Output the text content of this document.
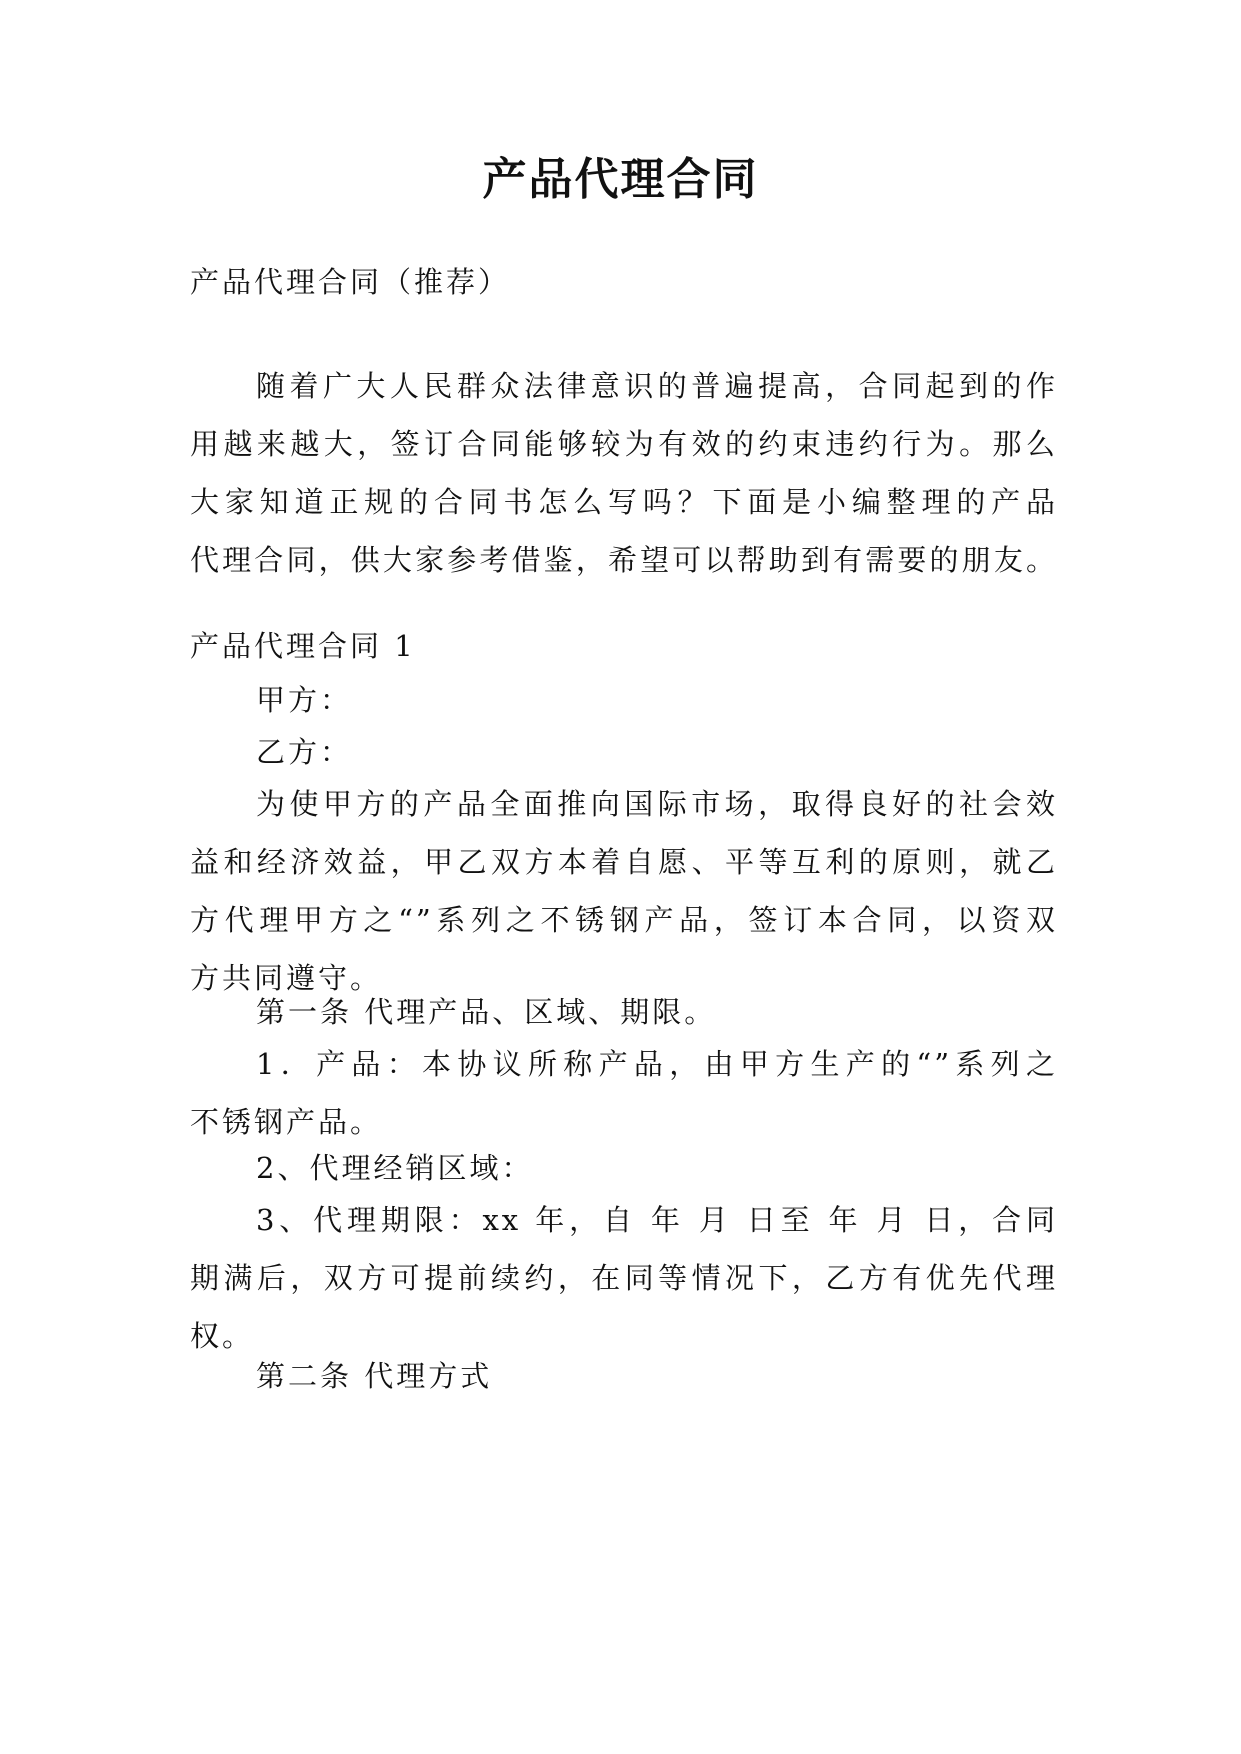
产品代理合同
产品代理合同（推荐）
随着广大人民群众法律意识的普遍提高，合同起到的作
用越来越大，签订合同能够较为有效的约束违约行为。那么
大家知道正规的合同书怎么写吗？下面是小编整理的产品
代理合同，供大家参考借鉴，希望可以帮助到有需要的朋友。
产品代理合同 1
甲方：
乙方：
为使甲方的产品全面推向国际市场，取得良好的社会效
益和经济效益，甲乙双方本着自愿、平等互利的原则，就乙
方代理甲方之“”系列之不锈钢产品，签订本合同，以资双
方共同遵守。
第一条 代理产品、区域、期限。
1．产品：本协议所称产品，由甲方生产的“”系列之
不锈钢产品。
2、代理经销区域：
3、代理期限：xx 年，自 年 月 日至 年 月 日，合同
期满后，双方可提前续约，在同等情况下，乙方有优先代理
权。
第二条 代理方式
